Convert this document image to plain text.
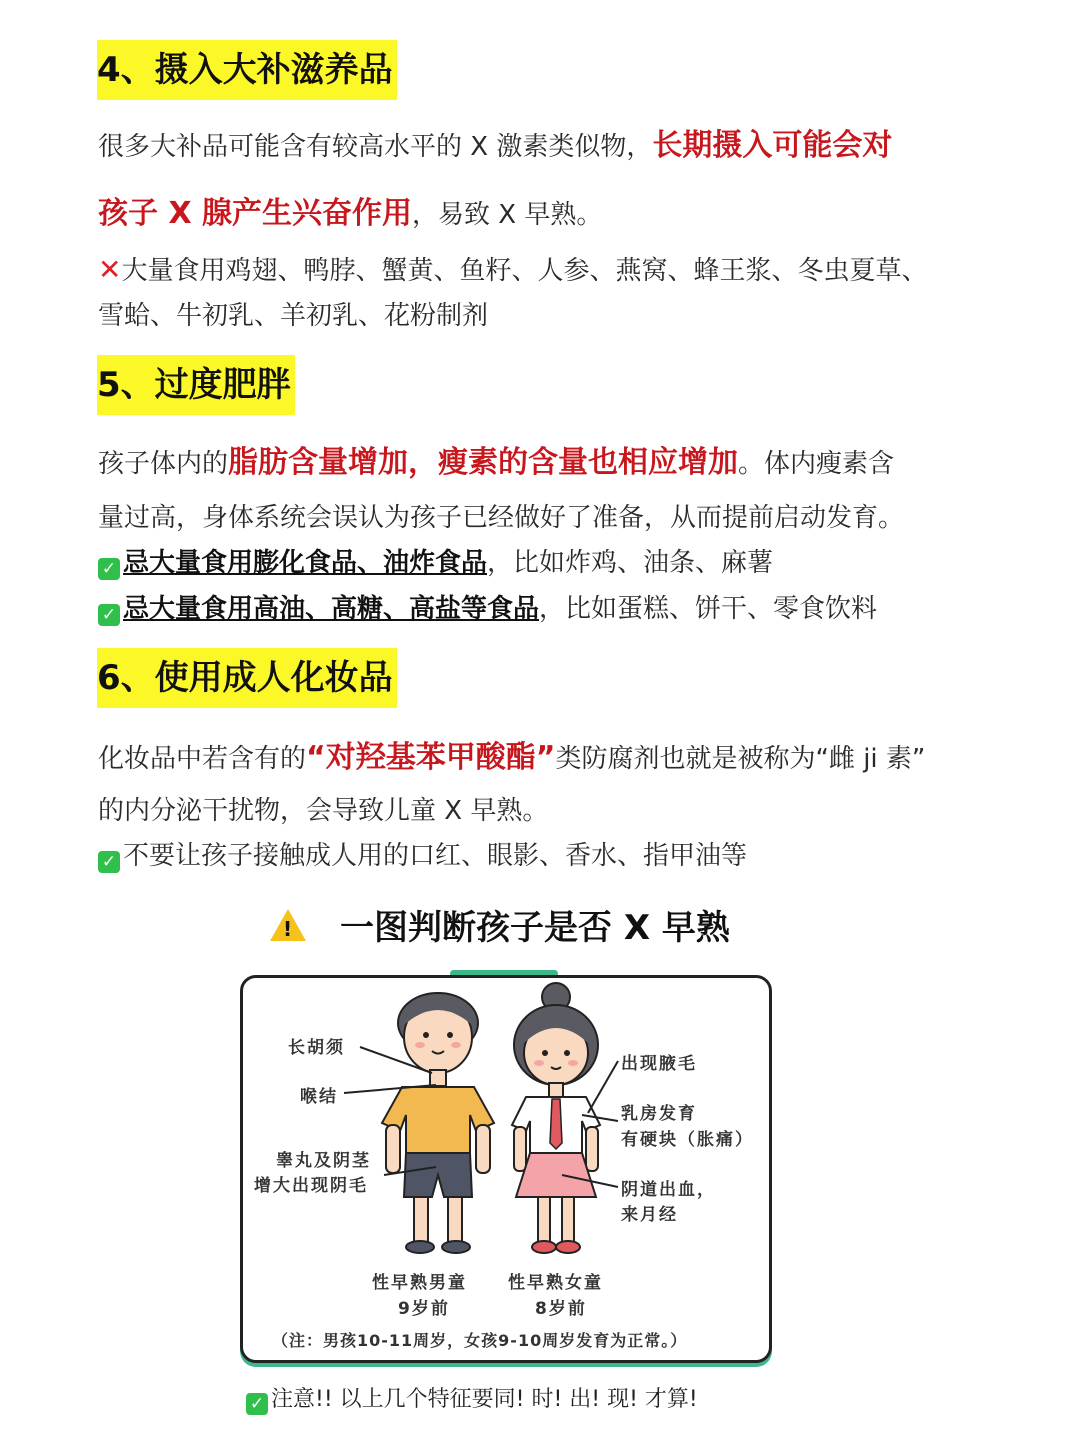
4、摄入大补滋养品
很多大补品可能含有较高水平的 X 激素类似物，长期摄入可能会对
孩子 X 腺产生兴奋作用，易致 X 早熟。
✕大量食用鸡翅、鸭脖、蟹黄、鱼籽、人参、燕窝、蜂王浆、冬虫夏草、
雪蛤、牛初乳、羊初乳、花粉制剂
5、过度肥胖
孩子体内的脂肪含量增加，瘦素的含量也相应增加。体内瘦素含
量过高，身体系统会误认为孩子已经做好了准备，从而提前启动发育。
✓ 忌大量食用膨化食品、油炸食品，比如炸鸡、油条、麻薯
✓ 忌大量食用高油、高糖、高盐等食品，比如蛋糕、饼干、零食饮料
6、使用成人化妆品
化妆品中若含有的“对羟基苯甲酸酯”类防腐剂也就是被称为“雌 ji 素”
的内分泌干扰物，会导致儿童 X 早熟。
✓ 不要让孩子接触成人用的口红、眼影、香水、指甲油等
! 一图判断孩子是否 X 早熟
长胡须
喉结
睾丸及阴茎
增大出现阴毛
出现腋毛
乳房发育
有硬块（胀痛）
阴道出血，
来月经
性早熟男童
9岁前
性早熟女童
8岁前
（注：男孩10-11周岁，女孩9-10周岁发育为正常。）
✓ 注意!! 以上几个特征要同! 时! 出! 现! 才算!
